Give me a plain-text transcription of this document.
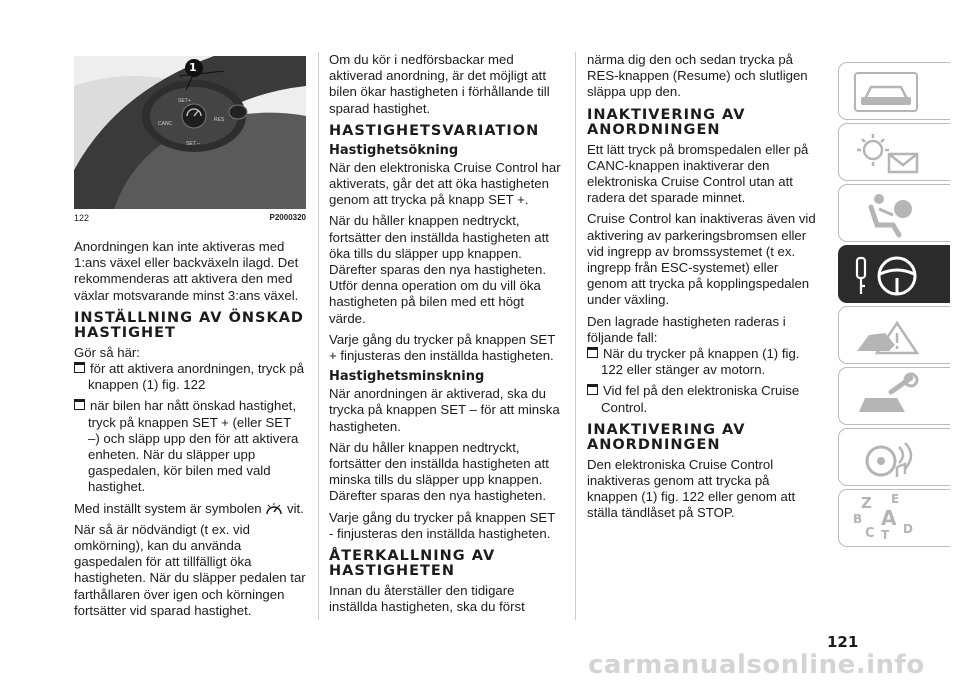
1
SET+
CANC
RES
SET –
122	P2000320

Anordningen kan inte aktiveras med 1:ans växel eller backväxeln ilagd. Det rekommenderas att aktivera den med växlar motsvarande minst 3:ans växel.

INSTÄLLNING AV ÖNSKAD HASTIGHET

Gör så här:

för att aktivera anordningen, tryck på knappen (1) fig. 122

när bilen har nått önskad hastighet, tryck på knappen SET + (eller SET –) och släpp upp den för att aktivera enheten. När du släpper upp gaspedalen, kör bilen med vald hastighet.

Med inställt system är symbolen vit.

När så är nödvändigt (t ex. vid omkörning), kan du använda gaspedalen för att tillfälligt öka hastigheten. När du släpper pedalen tar farthållaren över igen och körningen fortsätter vid sparad hastighet.

Om du kör i nedförsbackar med aktiverad anordning, är det möjligt att bilen ökar hastigheten i förhållande till sparad hastighet.

HASTIGHETSVARIATION
Hastighetsökning

När den elektroniska Cruise Control har aktiverats, går det att öka hastigheten genom att trycka på knapp SET +.

När du håller knappen nedtryckt, fortsätter den inställda hastigheten att öka tills du släpper upp knappen. Därefter sparas den nya hastigheten. Utför denna operation om du vill öka hastigheten på bilen med ett högt värde.

Varje gång du trycker på knappen SET + finjusteras den inställda hastigheten.

Hastighetsminskning

När anordningen är aktiverad, ska du trycka på knappen SET – för att minska hastigheten.

När du håller knappen nedtryckt, fortsätter den inställda hastigheten att minska tills du släpper upp knappen. Därefter sparas den nya hastigheten.

Varje gång du trycker på knappen SET - finjusteras den inställda hastigheten.

ÅTERKALLNING AV HASTIGHETEN

Innan du återställer den tidigare inställda hastigheten, ska du först

närma dig den och sedan trycka på RES-knappen (Resume) och slutligen släppa upp den.

INAKTIVERING AV ANORDNINGEN

Ett lätt tryck på bromspedalen eller på CANC-knappen inaktiverar den elektroniska Cruise Control utan att radera det sparade minnet.

Cruise Control kan inaktiveras även vid aktivering av parkeringsbromsen eller vid ingrepp av bromssystemet (t ex. ingrepp från ESC-systemet) eller genom att trycka på kopplingspedalen under växling.

Den lagrade hastigheten raderas i följande fall:

När du trycker på knappen (1) fig. 122 eller stänger av motorn.

Vid fel på den elektroniska Cruise Control.

INAKTIVERING AV ANORDNINGEN

Den elektroniska Cruise Control inaktiveras genom att trycka på knappen (1) fig. 122 eller genom att ställa tändlåset på STOP.

Z E
B A
C T D
121
carmanualsonline.info
